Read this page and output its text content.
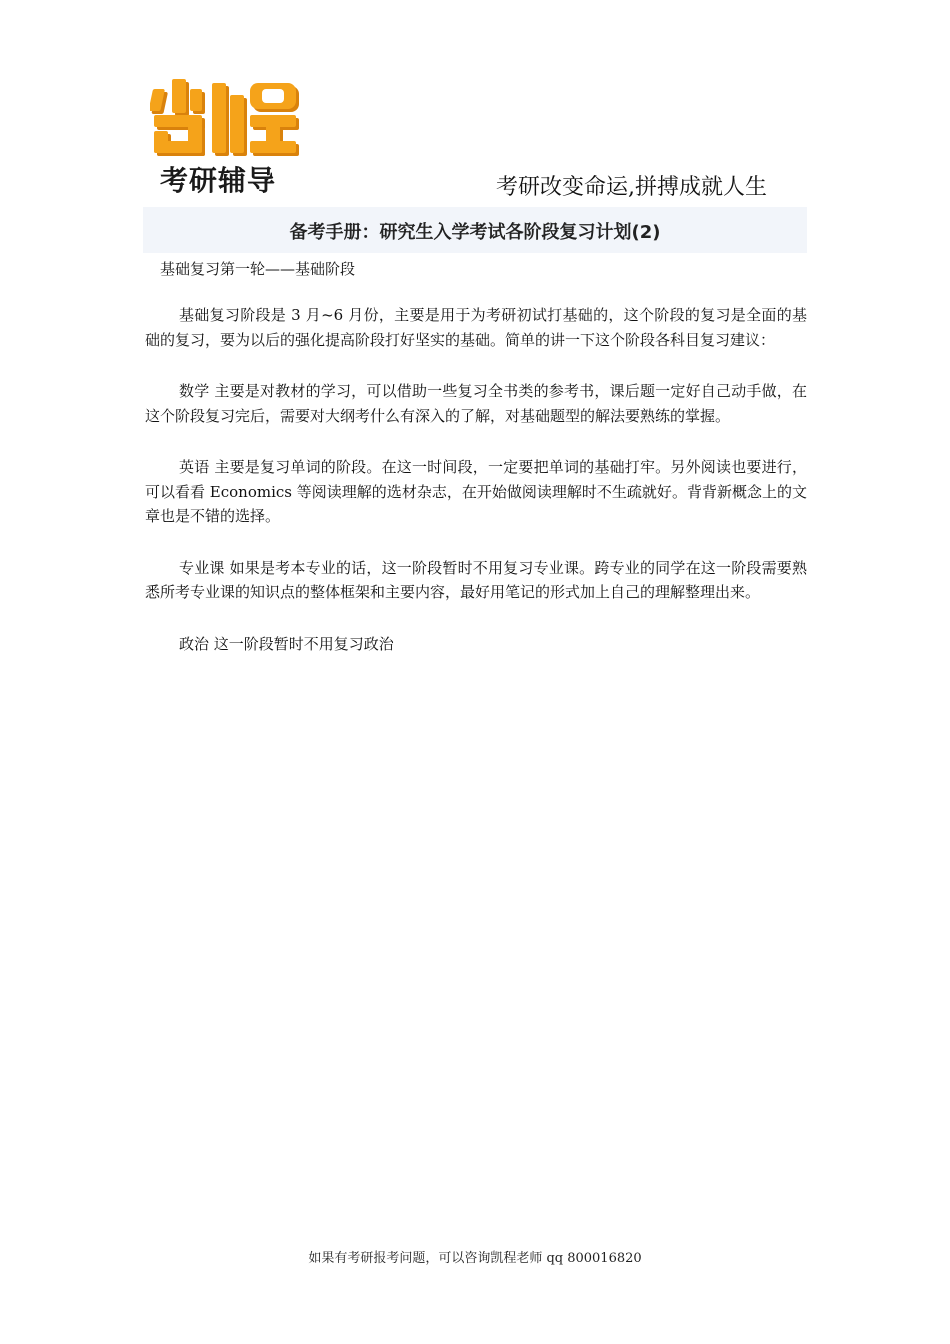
考研辅导	考研改变命运,拼搏成就人生
备考手册：研究生入学考试各阶段复习计划(2)
基础复习第一轮——基础阶段

基础复习阶段是 3 月~6 月份，主要是用于为考研初试打基础的，这个阶段的复习是全面的基础的复习，要为以后的强化提高阶段打好坚实的基础。简单的讲一下这个阶段各科目复习建议：

数学 主要是对教材的学习，可以借助一些复习全书类的参考书，课后题一定好自己动手做，在这个阶段复习完后，需要对大纲考什么有深入的了解，对基础题型的解法要熟练的掌握。

英语 主要是复习单词的阶段。在这一时间段，一定要把单词的基础打牢。另外阅读也要进行，可以看看 Economics 等阅读理解的选材杂志，在开始做阅读理解时不生疏就好。背背新概念上的文章也是不错的选择。

专业课 如果是考本专业的话，这一阶段暂时不用复习专业课。跨专业的同学在这一阶段需要熟悉所考专业课的知识点的整体框架和主要内容，最好用笔记的形式加上自己的理解整理出来。

政治 这一阶段暂时不用复习政治

如果有考研报考问题，可以咨询凯程老师 qq 800016820
